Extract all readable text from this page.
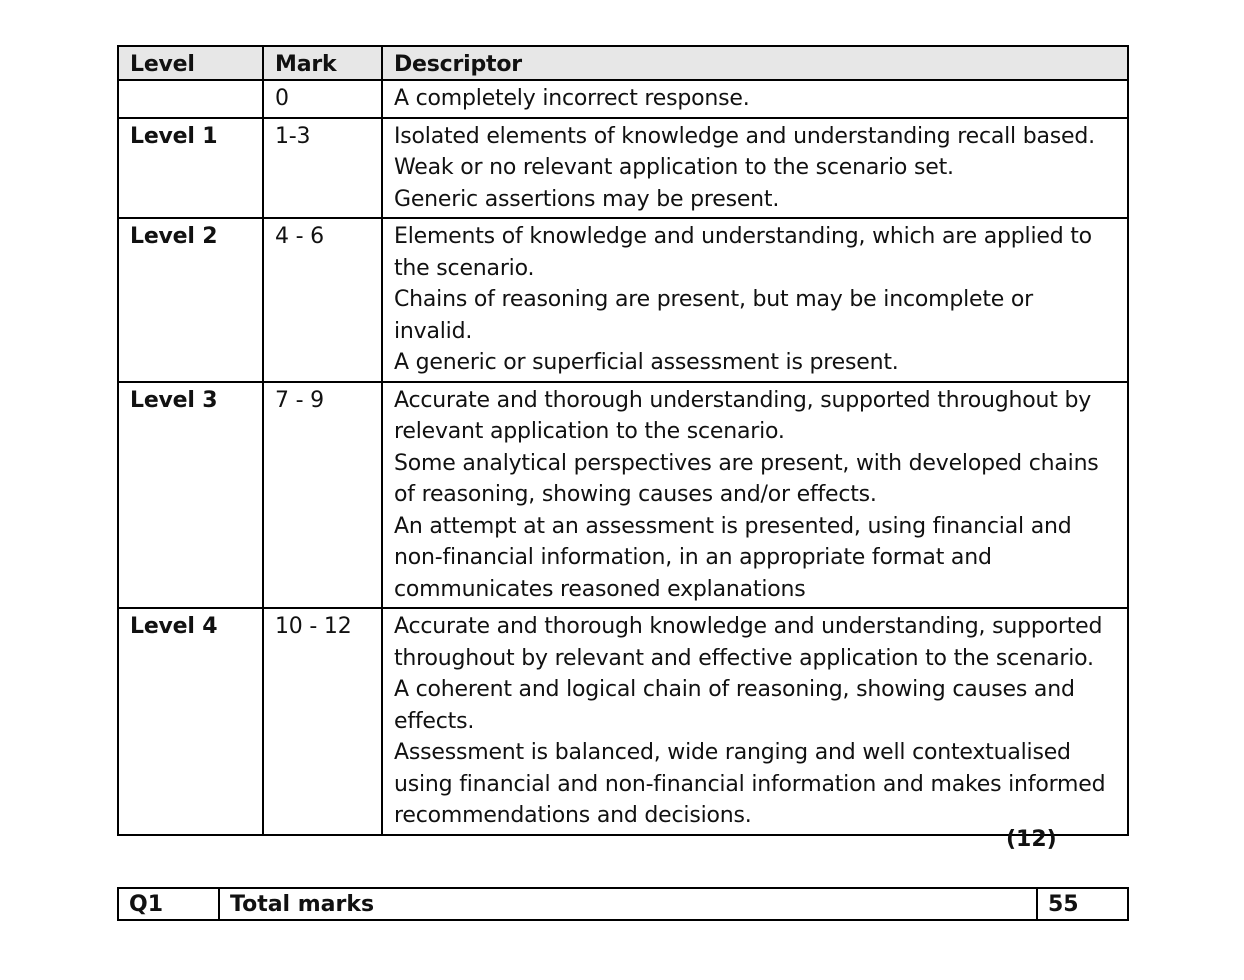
Level	Mark	Descriptor
	0	A completely incorrect response.

Level 1	1-3	Isolated elements of knowledge and understanding recall based.
Weak or no relevant application to the scenario set.
Generic assertions may be present.

Level 2	4 - 6	Elements of knowledge and understanding, which are applied to the scenario.
Chains of reasoning are present, but may be incomplete or invalid.
A generic or superficial assessment is present.

Level 3	7 - 9	Accurate and thorough understanding, supported throughout by relevant application to the scenario.
Some analytical perspectives are present, with developed chains of reasoning, showing causes and/or effects.
An attempt at an assessment is presented, using financial and non-financial information, in an appropriate format and communicates reasoned explanations

Level 4	10 - 12	Accurate and thorough knowledge and understanding, supported throughout by relevant and effective application to the scenario.
A coherent and logical chain of reasoning, showing causes and effects.
Assessment is balanced, wide ranging and well contextualised using financial and non-financial information and makes informed recommendations and decisions.
(12)
Q1	Total marks	55
